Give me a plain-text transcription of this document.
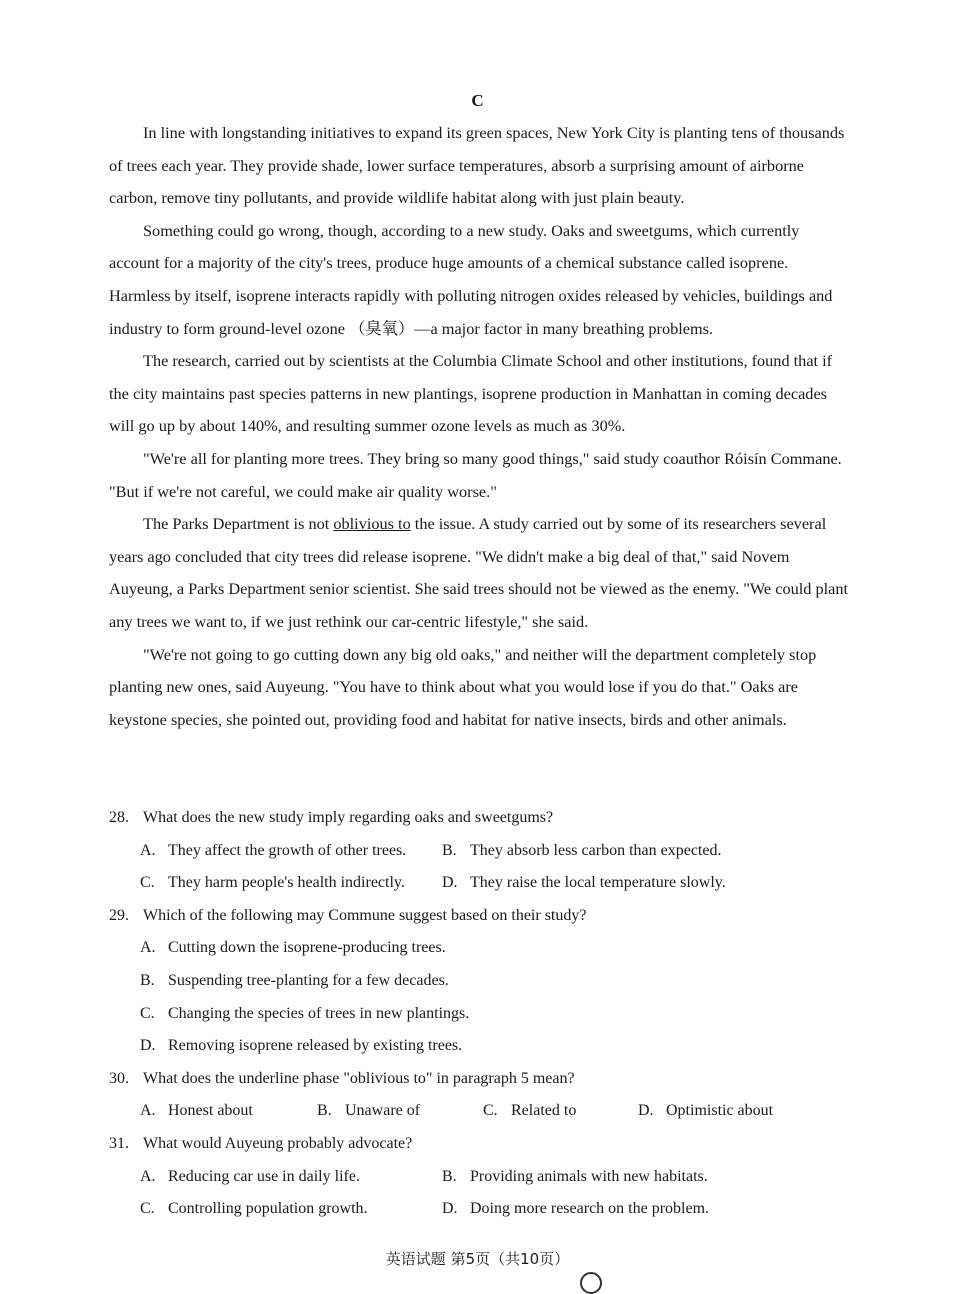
C

In line with longstanding initiatives to expand its green spaces, New York City is planting tens of thousands of trees each year. They provide shade, lower surface temperatures, absorb a surprising amount of airborne carbon, remove tiny pollutants, and provide wildlife habitat along with just plain beauty.

Something could go wrong, though, according to a new study. Oaks and sweetgums, which currently account for a majority of the city's trees, produce huge amounts of a chemical substance called isoprene. Harmless by itself, isoprene interacts rapidly with polluting nitrogen oxides released by vehicles, buildings and industry to form ground-level ozone （臭氧）—a major factor in many breathing problems.

The research, carried out by scientists at the Columbia Climate School and other institutions, found that if the city maintains past species patterns in new plantings, isoprene production in Manhattan in coming decades will go up by about 140%, and resulting summer ozone levels as much as 30%.

"We're all for planting more trees. They bring so many good things," said study coauthor Róisín Commane. "But if we're not careful, we could make air quality worse."

The Parks Department is not oblivious to the issue. A study carried out by some of its researchers several years ago concluded that city trees did release isoprene. "We didn't make a big deal of that," said Novem Auyeung, a Parks Department senior scientist. She said trees should not be viewed as the enemy. "We could plant any trees we want to, if we just rethink our car-centric lifestyle," she said.

"We're not going to go cutting down any big old oaks," and neither will the department completely stop planting new ones, said Auyeung. "You have to think about what you would lose if you do that." Oaks are keystone species, she pointed out, providing food and habitat for native insects, birds and other animals.

28. What does the new study imply regarding oaks and sweetgums?
A. They affect the growth of other trees. B. They absorb less carbon than expected.
C. They harm people's health indirectly. D. They raise the local temperature slowly.
29. Which of the following may Commune suggest based on their study?
A. Cutting down the isoprene-producing trees.
B. Suspending tree-planting for a few decades.
C. Changing the species of trees in new plantings.
D. Removing isoprene released by existing trees.
30. What does the underline phase "oblivious to" in paragraph 5 mean?
A. Honest about	B. Unaware of	C. Related to	D. Optimistic about
31. What would Auyeung probably advocate?
A. Reducing car use in daily life.	B. Providing animals with new habitats.
C. Controlling population growth.	D. Doing more research on the problem.
英语试题 第5页（共10页）
